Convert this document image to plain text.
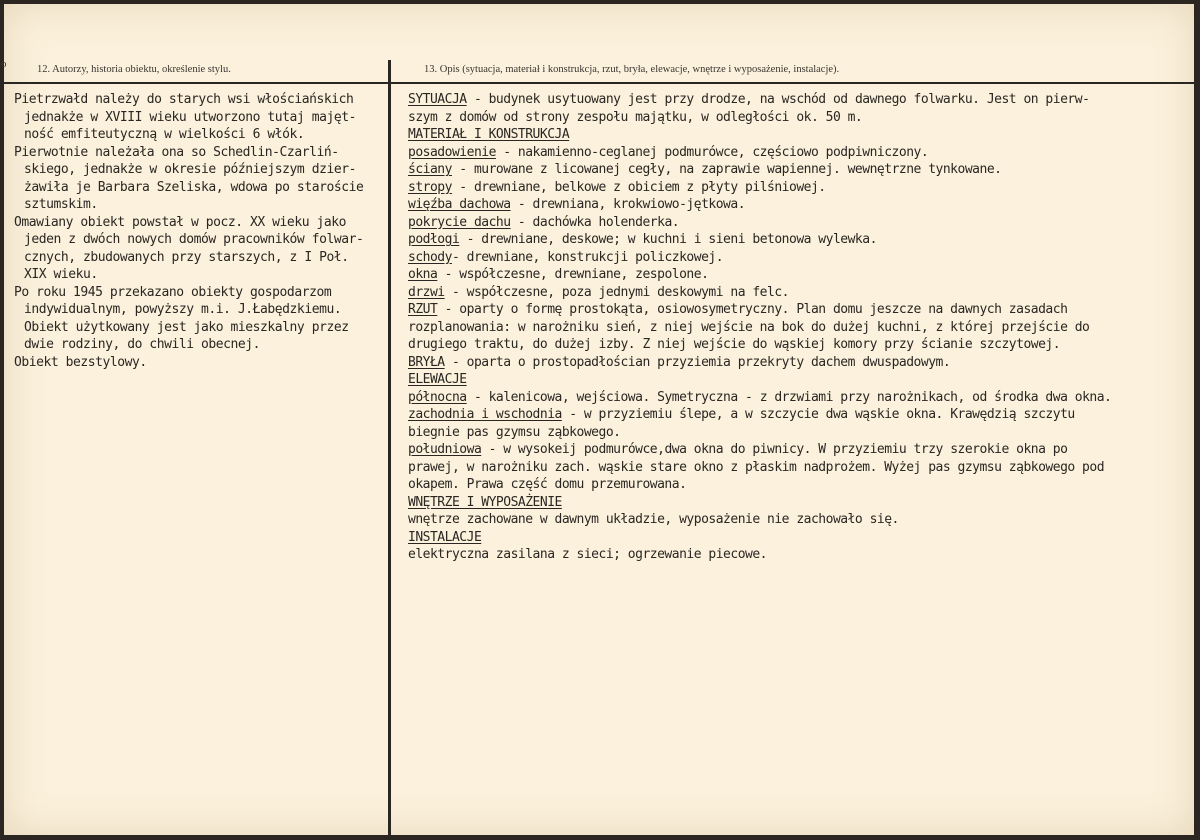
o	12. Autorzy, historia obiektu, określenie stylu.	13. Opis (sytuacja, materiał i konstrukcja, rzut, bryła, elewacje, wnętrze i wyposażenie, instalacje).
Pietrzwałd należy do starych wsi włościańskich
jednakże w XVIII wieku utworzono tutaj majęt-
ność emfiteutyczną w wielkości 6 włók.
Pierwotnie należała ona so Schedlin-Czarliń-
skiego, jednakże w okresie późniejszym dzier-
żawiła je Barbara Szeliska, wdowa po staroście
sztumskim.
Omawiany obiekt powstał w pocz. XX wieku jako
jeden z dwóch nowych domów pracowników folwar-
cznych, zbudowanych przy starszych, z I Poł.
XIX wieku.
Po roku 1945 przekazano obiekty gospodarzom
indywidualnym, powyższy m.i. J.Łabędzkiemu.
Obiekt użytkowany jest jako mieszkalny przez
dwie rodziny, do chwili obecnej.
Obiekt bezstylowy.
SYTUACJA - budynek usytuowany jest przy drodze, na wschód od dawnego folwarku. Jest on pierw-
szym z domów od strony zespołu majątku, w odległości ok. 50 m.
MATERIAŁ I KONSTRUKCJA
posadowienie - nakamienno-ceglanej podmurówce, częściowo podpiwniczony.
ściany - murowane z licowanej cegły, na zaprawie wapiennej. wewnętrzne tynkowane.
stropy - drewniane, belkowe z obiciem z płyty pilśniowej.
więźba dachowa - drewniana, krokwiowo-jętkowa.
pokrycie dachu - dachówka holenderka.
podłogi - drewniane, deskowe; w kuchni i sieni betonowa wylewka.
schody- drewniane, konstrukcji policzkowej.
okna - współczesne, drewniane, zespolone.
drzwi - współczesne, poza jednymi deskowymi na felc.
RZUT - oparty o formę prostokąta, osiowosymetryczny. Plan domu jeszcze na dawnych zasadach
rozplanowania: w narożniku sień, z niej wejście na bok do dużej kuchni, z której przejście do
drugiego traktu, do dużej izby. Z niej wejście do wąskiej komory przy ścianie szczytowej.
BRYŁA - oparta o prostopadłościan przyziemia przekryty dachem dwuspadowym.
ELEWACJE
północna - kalenicowa, wejściowa. Symetryczna - z drzwiami przy narożnikach, od środka dwa okna.
zachodnia i wschodnia - w przyziemiu ślepe, a w szczycie dwa wąskie okna. Krawędzią szczytu
biegnie pas gzymsu ząbkowego.
południowa - w wysokeij podmurówce,dwa okna do piwnicy. W przyziemiu trzy szerokie okna po
prawej, w narożniku zach. wąskie stare okno z płaskim nadprożem. Wyżej pas gzymsu ząbkowego pod
okapem. Prawa część domu przemurowana.
WNĘTRZE I WYPOSAŻENIE
wnętrze zachowane w dawnym układzie, wyposażenie nie zachowało się.
INSTALACJE
elektryczna zasilana z sieci; ogrzewanie piecowe.
